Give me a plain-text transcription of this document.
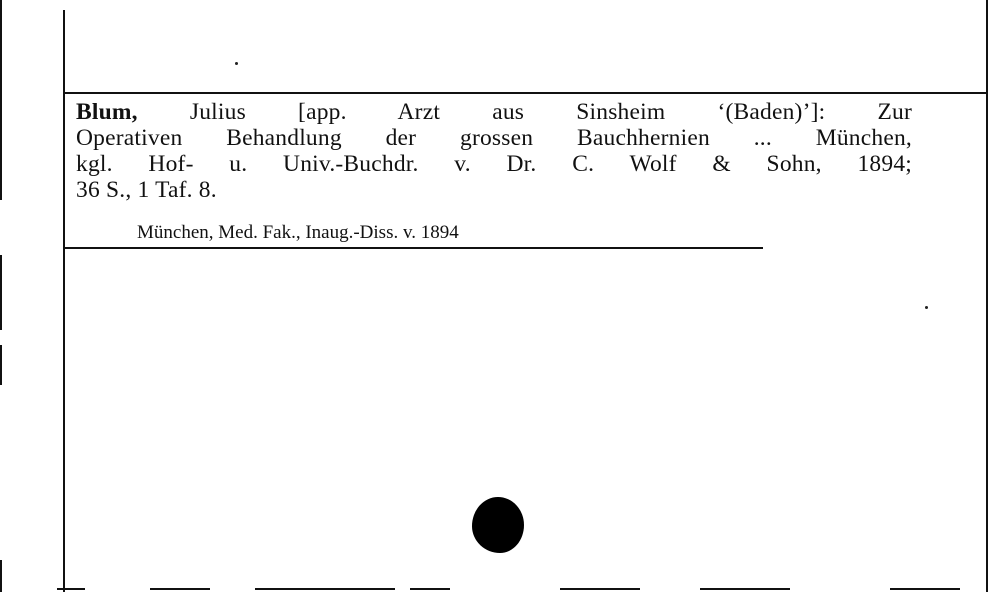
Blum, Julius [app. Arzt aus Sinsheim ‘(Baden)’]: Zur
Operativen Behandlung der grossen Bauchhernien ... München,
kgl. Hof- u. Univ.-Buchdr. v. Dr. C. Wolf & Sohn, 1894;
36 S., 1 Taf. 8.
München, Med. Fak., Inaug.-Diss. v. 1894
